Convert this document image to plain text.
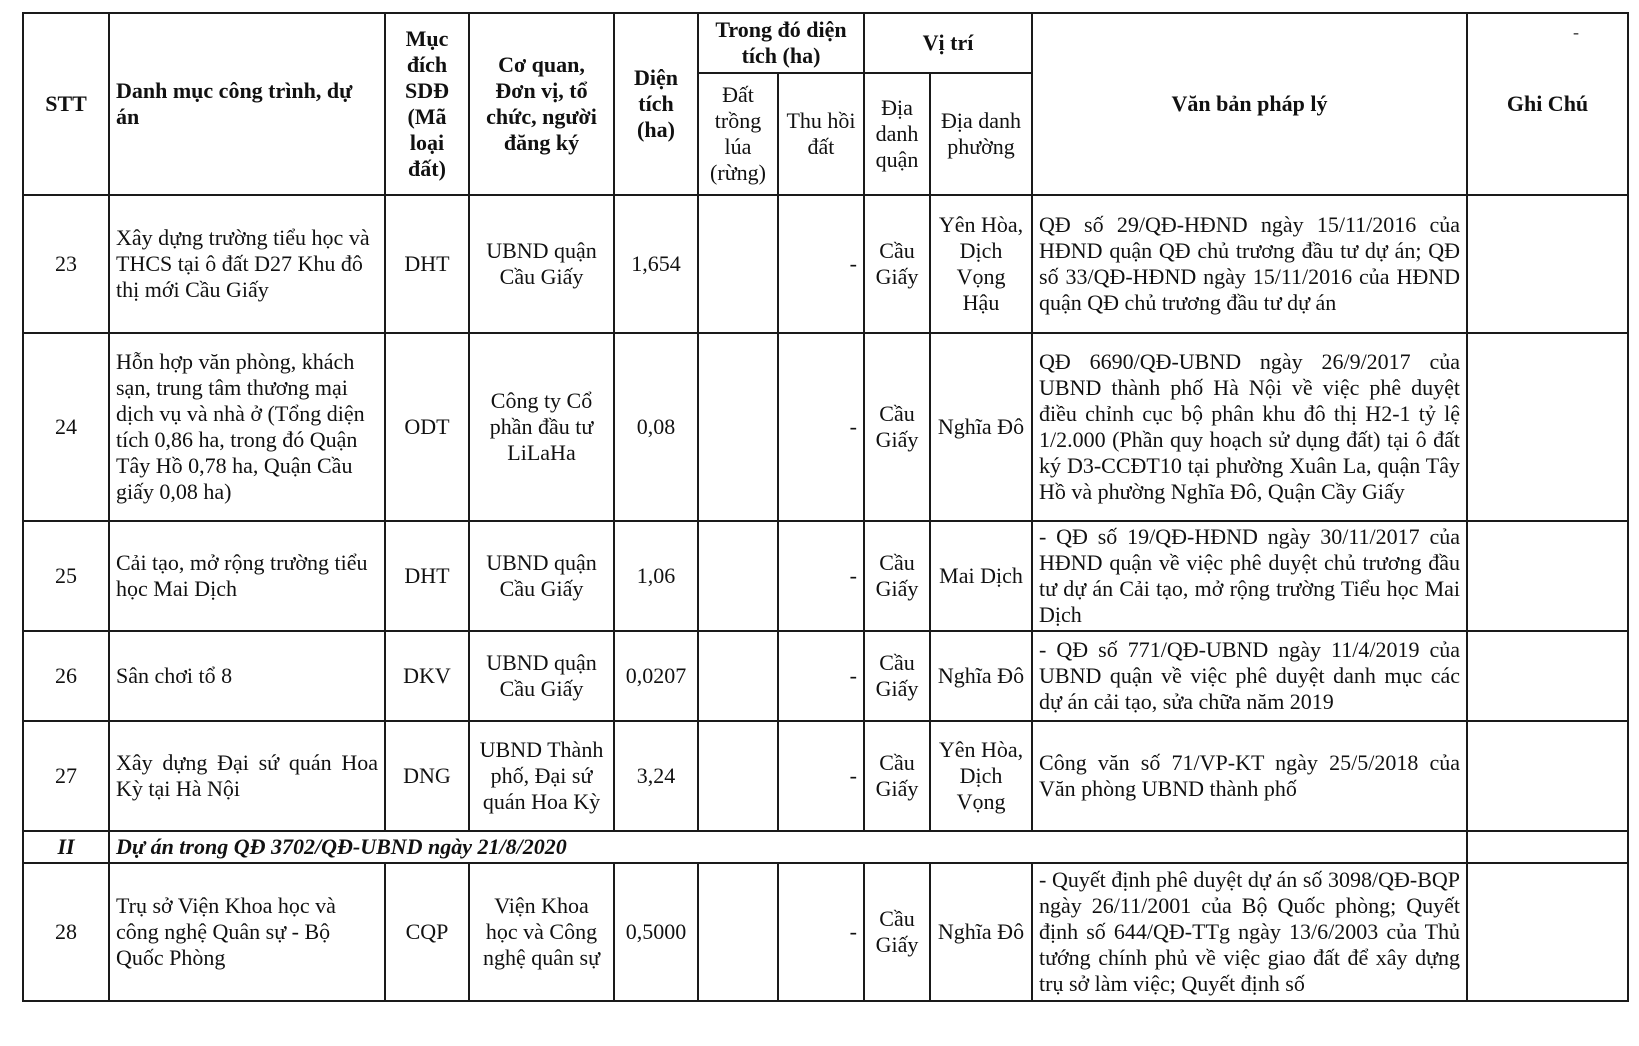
-
STT	Danh mục công trình, dự án	Mục đích SDĐ (Mã loại đất)	Cơ quan, Đơn vị, tổ chức, người đăng ký	Diện tích (ha)	Trong đó diện tích (ha)		Vị trí		Văn bản pháp lý	Ghi Chú
					Đất trồng lúa (rừng)	Thu hồi đất	Địa danh quận	Địa danh phường		
23	Xây dựng trường tiểu học và THCS tại ô đất D27 Khu đô thị mới Cầu Giấy	DHT	UBND quận Cầu Giấy	1,654		-	Cầu Giấy	Yên Hòa, Dịch Vọng Hậu	QĐ số 29/QĐ-HĐND ngày 15/11/2016 của HĐND quận QĐ chủ trương đầu tư dự án; QĐ số 33/QĐ-HĐND ngày 15/11/2016 của HĐND quận QĐ chủ trương đầu tư dự án	
24	Hỗn hợp văn phòng, khách sạn, trung tâm thương mại dịch vụ và nhà ở (Tổng diện tích 0,86 ha, trong đó Quận Tây Hồ 0,78 ha, Quận Cầu giấy 0,08 ha)	ODT	Công ty Cổ phần đầu tư LiLaHa	0,08		-	Cầu Giấy	Nghĩa Đô	QĐ 6690/QĐ-UBND ngày 26/9/2017 của UBND thành phố Hà Nội về việc phê duyệt điều chỉnh cục bộ phân khu đô thị H2-1 tỷ lệ 1/2.000 (Phần quy hoạch sử dụng đất) tại ô đất ký D3-CCĐT10 tại phường Xuân La, quận Tây Hồ và phường Nghĩa Đô, Quận Cầy Giấy	
25	Cải tạo, mở rộng trường tiểu học Mai Dịch	DHT	UBND quận Cầu Giấy	1,06		-	Cầu Giấy	Mai Dịch	- QĐ số 19/QĐ-HĐND ngày 30/11/2017 của HĐND quận về việc phê duyệt chủ trương đầu tư dự án Cải tạo, mở rộng trường Tiểu học Mai Dịch	
26	Sân chơi tổ 8	DKV	UBND quận Cầu Giấy	0,0207		-	Cầu Giấy	Nghĩa Đô	- QĐ số 771/QĐ-UBND ngày 11/4/2019 của UBND quận về việc phê duyệt danh mục các dự án cải tạo, sửa chữa năm 2019	
27	Xây dựng Đại sứ quán Hoa Kỳ tại Hà Nội	DNG	UBND Thành phố, Đại sứ quán Hoa Kỳ	3,24		-	Cầu Giấy	Yên Hòa, Dịch Vọng	Công văn số 71/VP-KT ngày 25/5/2018 của Văn phòng UBND thành phố	
II	Dự án trong QĐ 3702/QĐ-UBND ngày 21/8/2020									
28	Trụ sở Viện Khoa học và công nghệ Quân sự - Bộ Quốc Phòng	CQP	Viện Khoa học và Công nghệ quân sự	0,5000		-	Cầu Giấy	Nghĩa Đô	- Quyết định phê duyệt dự án số 3098/QĐ-BQP ngày 26/11/2001 của Bộ Quốc phòng; Quyết định số 644/QĐ-TTg ngày 13/6/2003 của Thủ tướng chính phủ về việc giao đất để xây dựng trụ sở làm việc; Quyết định số	
